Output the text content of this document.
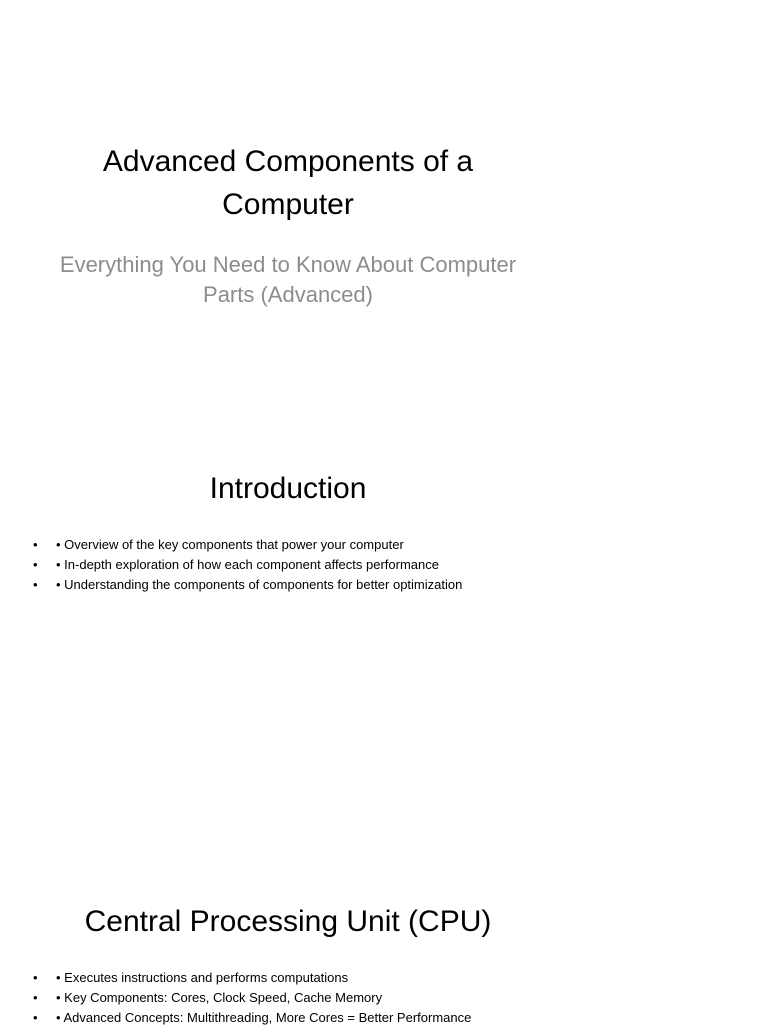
Advanced Components of a Computer

Everything You Need to Know About Computer Parts (Advanced)

Introduction
• • Overview of the key components that power your computer
• • In-depth exploration of how each component affects performance
• • Understanding the components of components for better optimization
Central Processing Unit (CPU)
• • Executes instructions and performs computations
• • Key Components: Cores, Clock Speed, Cache Memory
• • Advanced Concepts: Multithreading, More Cores = Better Performance
